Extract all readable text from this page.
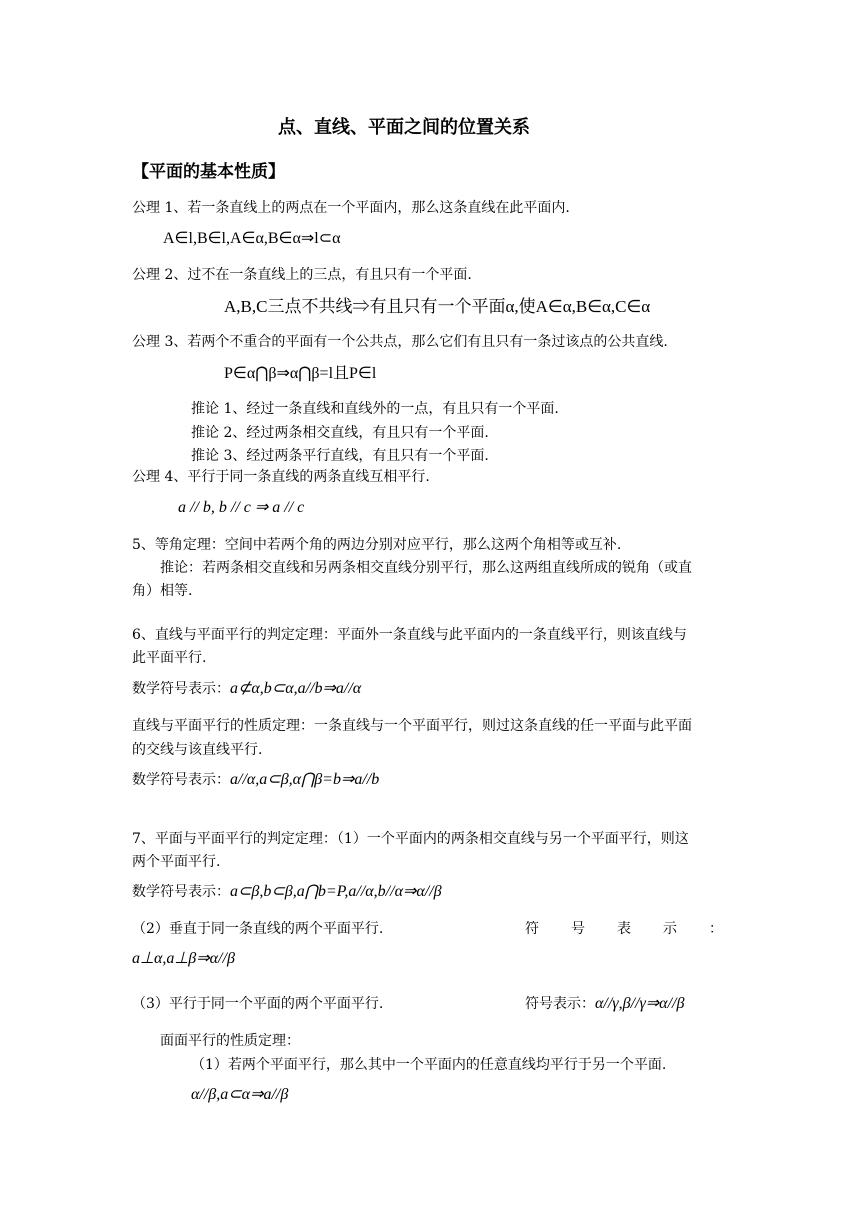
点、直线、平面之间的位置关系
【平面的基本性质】
公理 1、若一条直线上的两点在一个平面内，那么这条直线在此平面内.
A∈l,B∈l,A∈α,B∈α⇒l⊂α
公理 2、过不在一条直线上的三点，有且只有一个平面.
A,B,C三点不共线⇒有且只有一个平面α,使A∈α,B∈α,C∈α
公理 3、若两个不重合的平面有一个公共点，那么它们有且只有一条过该点的公共直线.
P∈α⋂β⇒α⋂β=l且P∈l
推论 1、经过一条直线和直线外的一点，有且只有一个平面.
推论 2、经过两条相交直线，有且只有一个平面.
推论 3、经过两条平行直线，有且只有一个平面.
公理 4、平行于同一条直线的两条直线互相平行.
a // b, b // c ⇒ a // c
5、等角定理：空间中若两个角的两边分别对应平行，那么这两个角相等或互补.
推论：若两条相交直线和另两条相交直线分别平行，那么这两组直线所成的锐角（或直
角）相等.
6、直线与平面平行的判定定理：平面外一条直线与此平面内的一条直线平行，则该直线与
此平面平行.
数学符号表示：a⊄α,b⊂α,a//b⇒a//α
直线与平面平行的性质定理：一条直线与一个平面平行，则过这条直线的任一平面与此平面
的交线与该直线平行.
数学符号表示：a//α,a⊂β,α⋂β=b⇒a//b
7、平面与平面平行的判定定理：（1）一个平面内的两条相交直线与另一个平面平行，则这
两个平面平行.
数学符号表示：a⊂β,b⊂β,a⋂b=P,a//α,b//α⇒α//β
（2）垂直于同一条直线的两个平面平行.	符 号 表 示 ：
a⊥α,a⊥β⇒α//β
（3）平行于同一个平面的两个平面平行.	符号表示：α//γ,β//γ⇒α//β
面面平行的性质定理：
（1）若两个平面平行，那么其中一个平面内的任意直线均平行于另一个平面.
α//β,a⊂α⇒a//β
